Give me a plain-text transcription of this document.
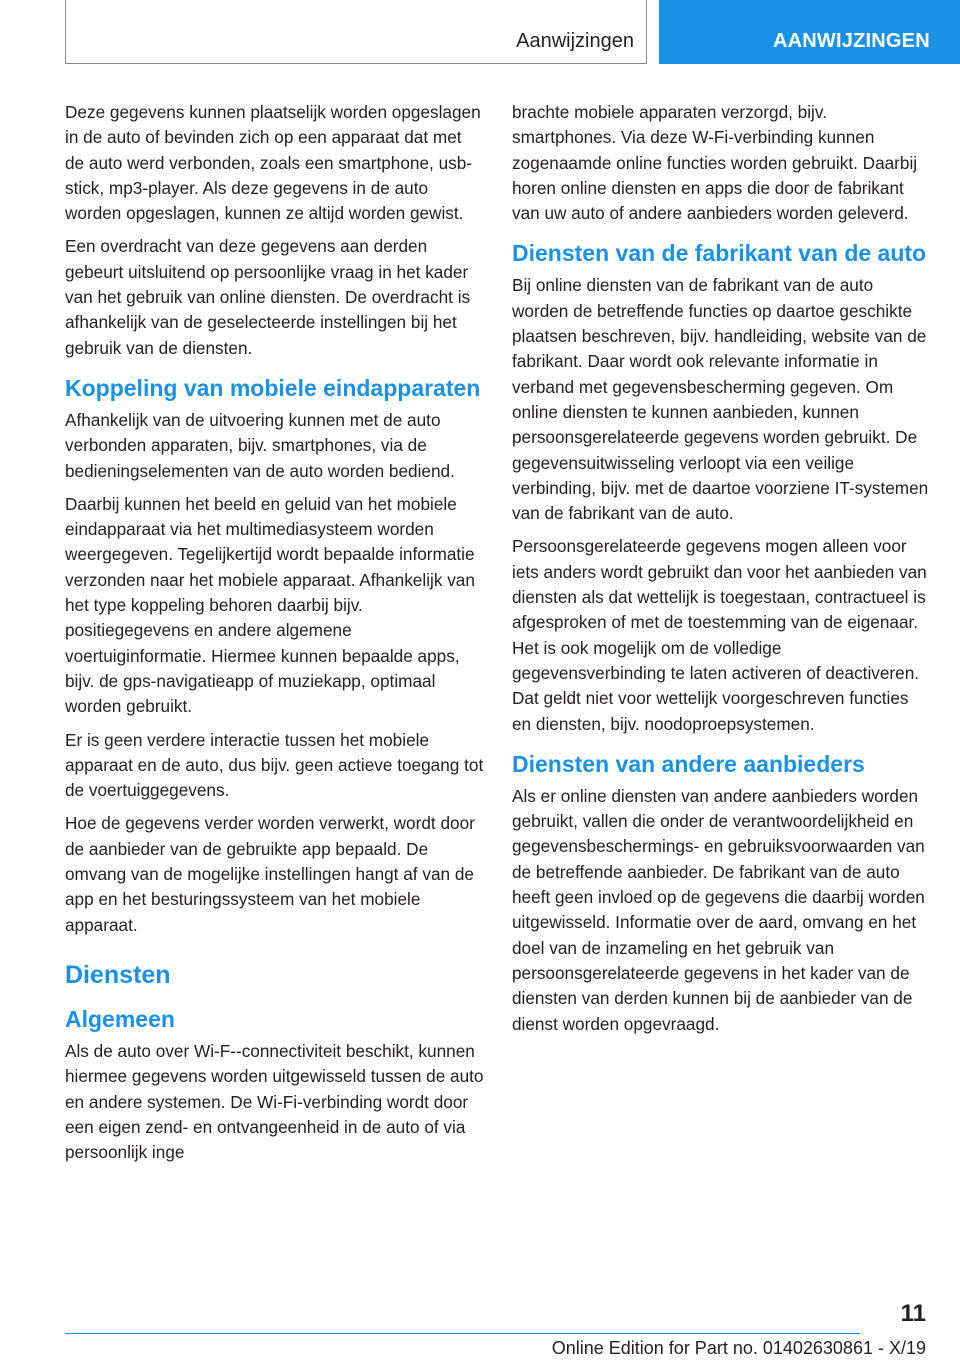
Aanwijzingen	AANWIJZINGEN

Deze gegevens kunnen plaatselijk worden opgeslagen in de auto of bevinden zich op een apparaat dat met de auto werd verbonden, zoals een smartphone, usb-stick, mp3-player. Als deze gegevens in de auto worden opgeslagen, kunnen ze altijd worden gewist.

Een overdracht van deze gegevens aan derden gebeurt uitsluitend op persoonlijke vraag in het kader van het gebruik van online diensten. De overdracht is afhankelijk van de geselecteerde instellingen bij het gebruik van de diensten.

Koppeling van mobiele eindapparaten

Afhankelijk van de uitvoering kunnen met de auto verbonden apparaten, bijv. smartphones, via de bedieningselementen van de auto worden bediend.

Daarbij kunnen het beeld en geluid van het mobiele eindapparaat via het multimediasysteem worden weergegeven. Tegelijkertijd wordt bepaalde informatie verzonden naar het mobiele apparaat. Afhankelijk van het type koppeling behoren daarbij bijv. positiegegevens en andere algemene voertuiginformatie. Hiermee kunnen bepaalde apps, bijv. de gps-navigatieapp of muziekapp, optimaal worden gebruikt.

Er is geen verdere interactie tussen het mobiele apparaat en de auto, dus bijv. geen actieve toegang tot de voertuiggegevens.

Hoe de gegevens verder worden verwerkt, wordt door de aanbieder van de gebruikte app bepaald. De omvang van de mogelijke instellingen hangt af van de app en het besturingssysteem van het mobiele apparaat.

Diensten
Algemeen

Als de auto over Wi-F--connectiviteit beschikt, kunnen hiermee gegevens worden uitgewisseld tussen de auto en andere systemen. De Wi-Fi-verbinding wordt door een eigen zend- en ontvangeenheid in de auto of via persoonlijk inge

brachte mobiele apparaten verzorgd, bijv. smartphones. Via deze W-Fi-verbinding kunnen zogenaamde online functies worden gebruikt. Daarbij horen online diensten en apps die door de fabrikant van uw auto of andere aanbieders worden geleverd.

Diensten van de fabrikant van de auto

Bij online diensten van de fabrikant van de auto worden de betreffende functies op daartoe geschikte plaatsen beschreven, bijv. handleiding, website van de fabrikant. Daar wordt ook relevante informatie in verband met gegevensbescherming gegeven. Om online diensten te kunnen aanbieden, kunnen persoonsgerelateerde gegevens worden gebruikt. De gegevensuitwisseling verloopt via een veilige verbinding, bijv. met de daartoe voorziene IT-systemen van de fabrikant van de auto.

Persoonsgerelateerde gegevens mogen alleen voor iets anders wordt gebruikt dan voor het aanbieden van diensten als dat wettelijk is toegestaan, contractueel is afgesproken of met de toestemming van de eigenaar. Het is ook mogelijk om de volledige gegevensverbinding te laten activeren of deactiveren. Dat geldt niet voor wettelijk voorgeschreven functies en diensten, bijv. noodoproepsystemen.

Diensten van andere aanbieders

Als er online diensten van andere aanbieders worden gebruikt, vallen die onder de verantwoordelijkheid en gegevensbeschermings- en gebruiksvoorwaarden van de betreffende aanbieder. De fabrikant van de auto heeft geen invloed op de gegevens die daarbij worden uitgewisseld. Informatie over de aard, omvang en het doel van de inzameling en het gebruik van persoonsgerelateerde gegevens in het kader van de diensten van derden kunnen bij de aanbieder van de dienst worden opgevraagd.

11
Online Edition for Part no. 01402630861 - X/19
